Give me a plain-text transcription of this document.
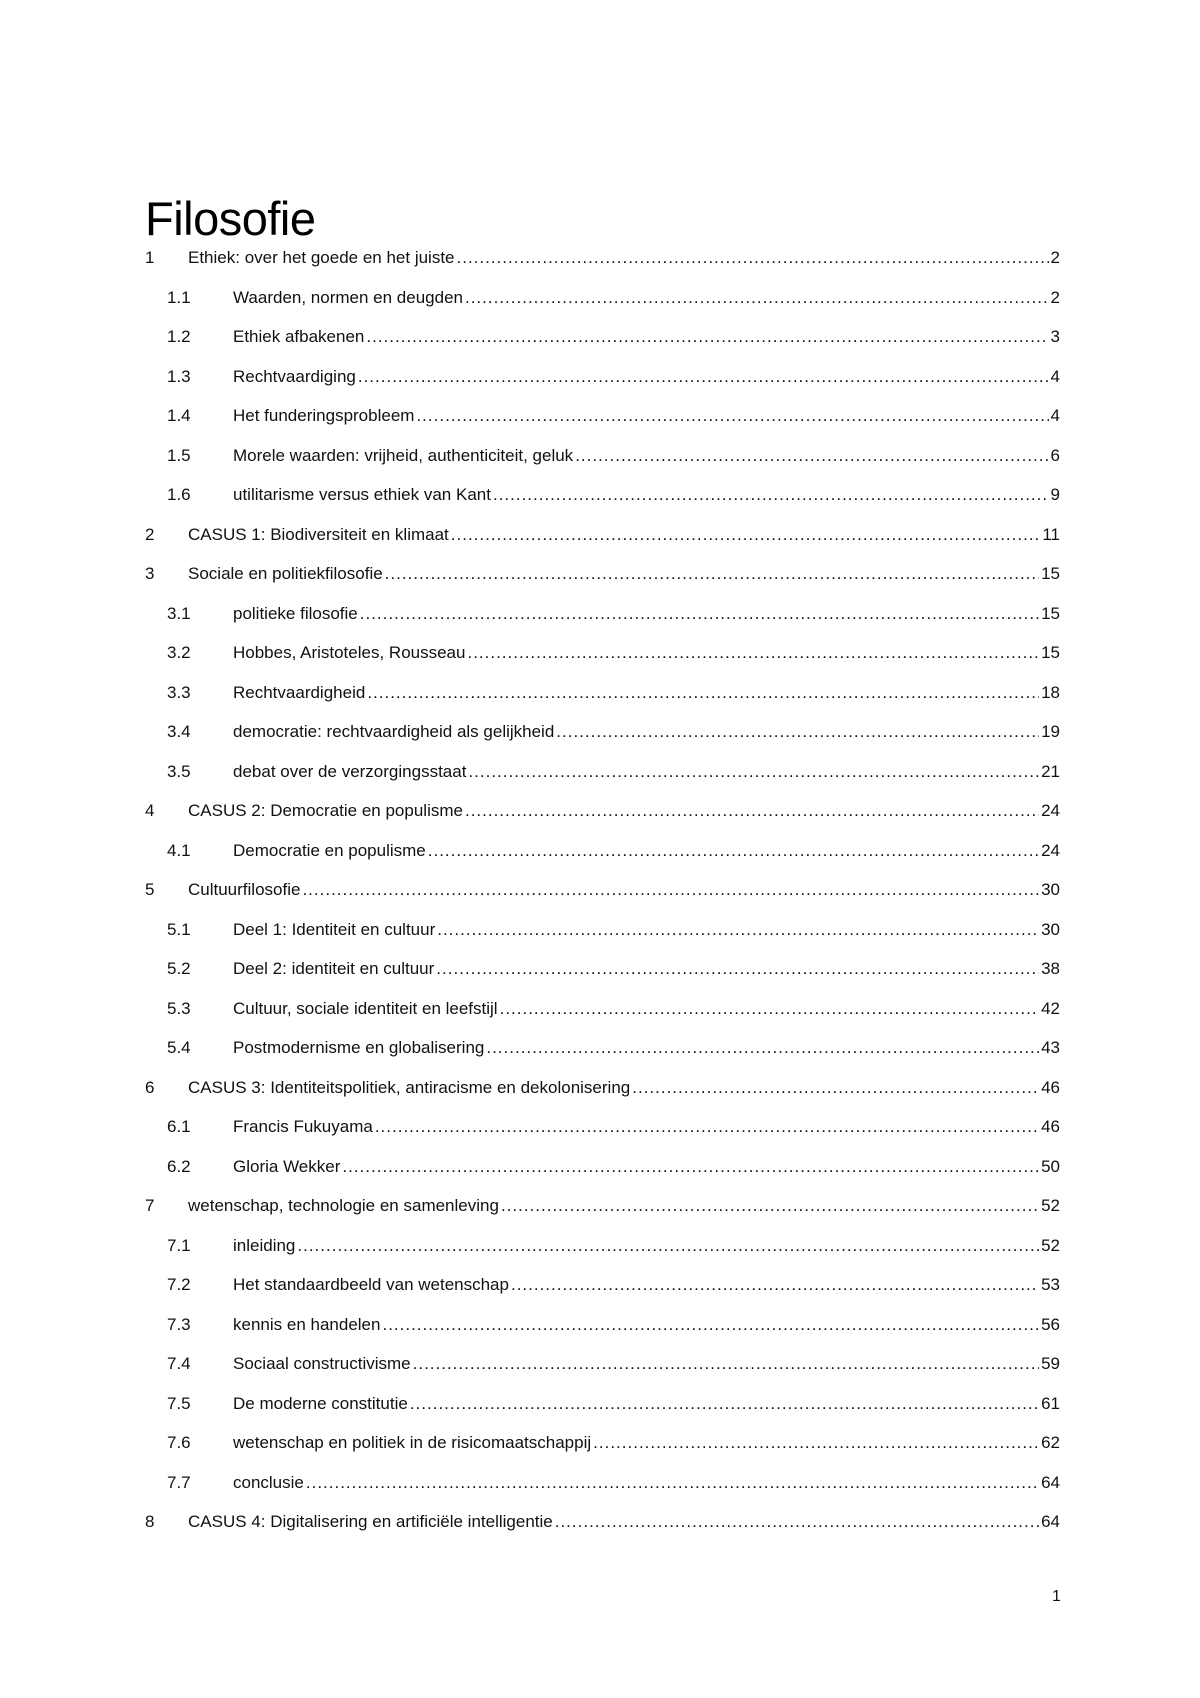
Filosofie
1	Ethiek: over het goede en het juiste .....	2
1.1	Waarden, normen en deugden .....	2
1.2	Ethiek afbakenen .....	3
1.3	Rechtvaardiging .....	4
1.4	Het funderingsprobleem .....	4
1.5	Morele waarden: vrijheid, authenticiteit, geluk .....	6
1.6	utilitarisme versus ethiek van Kant .....	9
2	CASUS 1: Biodiversiteit en klimaat .....	11
3	Sociale en politiekfilosofie .....	15
3.1	politieke filosofie .....	15
3.2	Hobbes, Aristoteles, Rousseau .....	15
3.3	Rechtvaardigheid .....	18
3.4	democratie: rechtvaardigheid als gelijkheid .....	19
3.5	debat over de verzorgingsstaat .....	21
4	CASUS 2: Democratie en populisme .....	24
4.1	Democratie en populisme .....	24
5	Cultuurfilosofie .....	30
5.1	Deel 1: Identiteit en cultuur .....	30
5.2	Deel 2: identiteit en cultuur .....	38
5.3	Cultuur, sociale identiteit en leefstijl .....	42
5.4	Postmodernisme en globalisering .....	43
6	CASUS 3: Identiteitspolitiek, antiracisme en dekolonisering .....	46
6.1	Francis Fukuyama .....	46
6.2	Gloria Wekker .....	50
7	wetenschap, technologie en samenleving .....	52
7.1	inleiding .....	52
7.2	Het standaardbeeld van wetenschap .....	53
7.3	kennis en handelen .....	56
7.4	Sociaal constructivisme .....	59
7.5	De moderne constitutie .....	61
7.6	wetenschap en politiek in de risicomaatschappij .....	62
7.7	conclusie .....	64
8	CASUS 4: Digitalisering en artificiële intelligentie .....	64
1
